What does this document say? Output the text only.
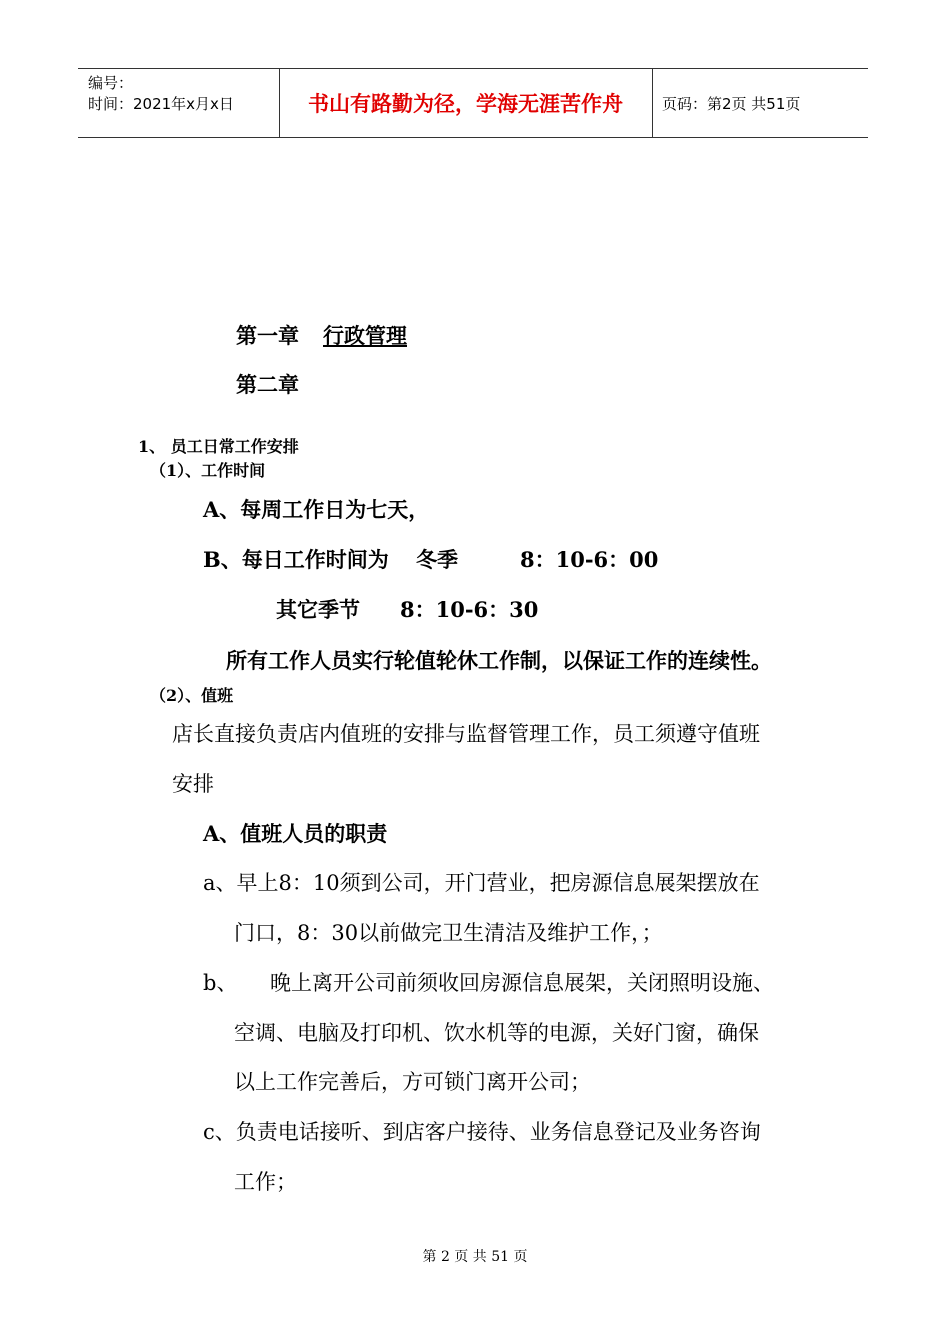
编号：
时间：2021年x月x日	书山有路勤为径，学海无涯苦作舟	页码：第2页 共51页
第一章 行政管理
第二章
1、 员工日常工作安排
（1）、工作时间
A、每周工作日为七天，
B、每日工作时间为 冬季	8：10-6：00
其它季节 8：10-6：30
所有工作人员实行轮值轮休工作制，以保证工作的连续性。
（2）、值班
店长直接负责店内值班的安排与监督管理工作，员工须遵守值班
安排
A、值班人员的职责
a、早上8：10须到公司，开门营业，把房源信息展架摆放在
门口，8：30以前做完卫生清洁及维护工作，；
b、 晚上离开公司前须收回房源信息展架，关闭照明设施、
空调、电脑及打印机、饮水机等的电源，关好门窗，确保
以上工作完善后，方可锁门离开公司；
c、负责电话接听、到店客户接待、业务信息登记及业务咨询
工作；
第 2 页 共 51 页
